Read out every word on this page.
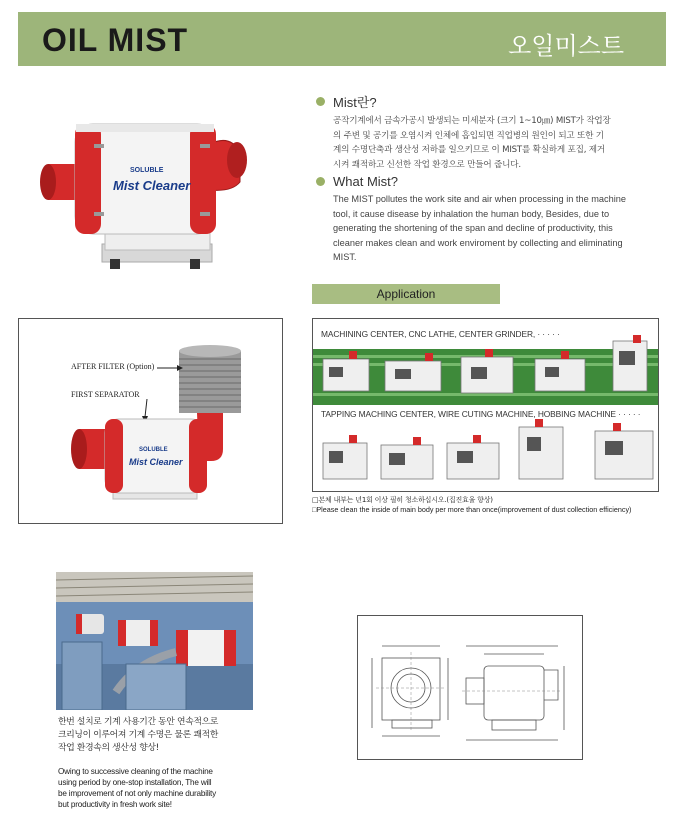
OIL MIST	오일미스트
SOLUBLE
Mist Cleaner
Mist란?
공작기계에서 금속가공시 발생되는 미세분자 (크기 1~10㎛) MIST가 작업장
의 주변 및 공기를 오염시켜 인체에 흡입되면 직업병의 원인이 되고 또한 기
계의 수명단축과 생산성 저하를 일으키므로 이 MIST를 확실하게 포집, 제거
시켜 쾌적하고 신선한 작업 환경으로 만들어 줍니다.
What Mist?
The MIST pollutes the work site and air when processing in the machine
tool, it cause disease by inhalation the human body, Besides, due to
generating the shortening of the span and decline of productivity, this
cleaner makes clean and work enviroment by collecting and eliminating
MIST.
Application
AFTER FILTER (Option)
FIRST SEPARATOR
SOLUBLE
Mist Cleaner
MACHINING CENTER, CNC LATHE, CENTER GRINDER, · · · · ·
TAPPING MACHING CENTER, WIRE CUTING MACHINE, HOBBING MACHINE · · · · ·
□본체 내부는 년1회 이상 필히 청소하십시오.(집진효율 향상)
□Please clean the inside of main body per more than once(improvement of dust collection efficiency)
한번 설치로 기계 사용기간 동안 연속적으로
크리닝이 이루어져 기계 수명은 물론 쾌적한
작업 환경속의 생산성 향상!
Owing to successive cleaning of the machine
using period by one-stop installation, The will
be improvement of not only machine durability
but productivity in fresh work site!
